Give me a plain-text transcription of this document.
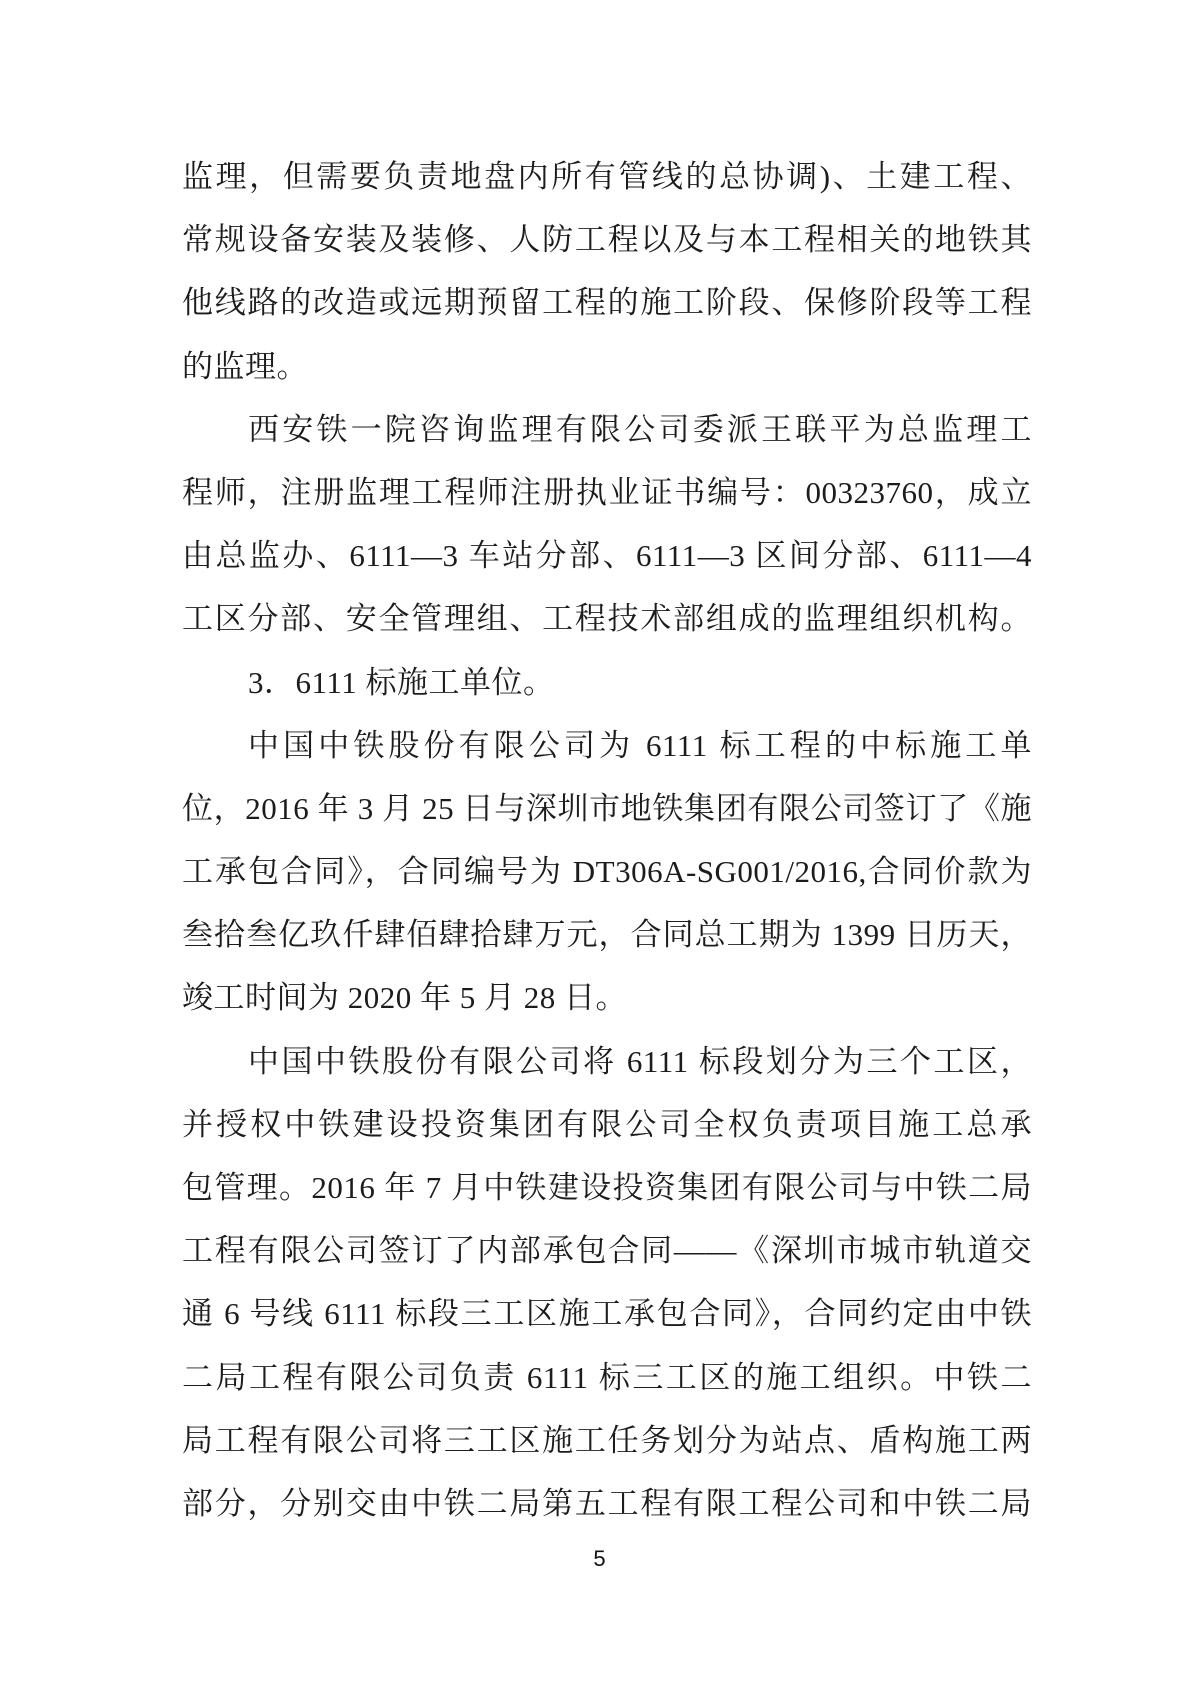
监理，但需要负责地盘内所有管线的总协调)、土建工程、
常规设备安装及装修、人防工程以及与本工程相关的地铁其
他线路的改造或远期预留工程的施工阶段、保修阶段等工程
的监理。
西安铁一院咨询监理有限公司委派王联平为总监理工
程师，注册监理工程师注册执业证书编号：00323760，成立
由总监办、6111—3 车站分部、6111—3 区间分部、6111—4
工区分部、安全管理组、工程技术部组成的监理组织机构。
3．6111 标施工单位。
中国中铁股份有限公司为 6111 标工程的中标施工单
位，2016 年 3 月 25 日与深圳市地铁集团有限公司签订了《施
工承包合同》，合同编号为 DT306A-SG001/2016,合同价款为
叁拾叁亿玖仟肆佰肆拾肆万元，合同总工期为 1399 日历天，
竣工时间为 2020 年 5 月 28 日。
中国中铁股份有限公司将 6111 标段划分为三个工区，
并授权中铁建设投资集团有限公司全权负责项目施工总承
包管理。2016 年 7 月中铁建设投资集团有限公司与中铁二局
工程有限公司签订了内部承包合同——《深圳市城市轨道交
通 6 号线 6111 标段三工区施工承包合同》，合同约定由中铁
二局工程有限公司负责 6111 标三工区的施工组织。中铁二
局工程有限公司将三工区施工任务划分为站点、盾构施工两
部分，分别交由中铁二局第五工程有限工程公司和中铁二局
5
